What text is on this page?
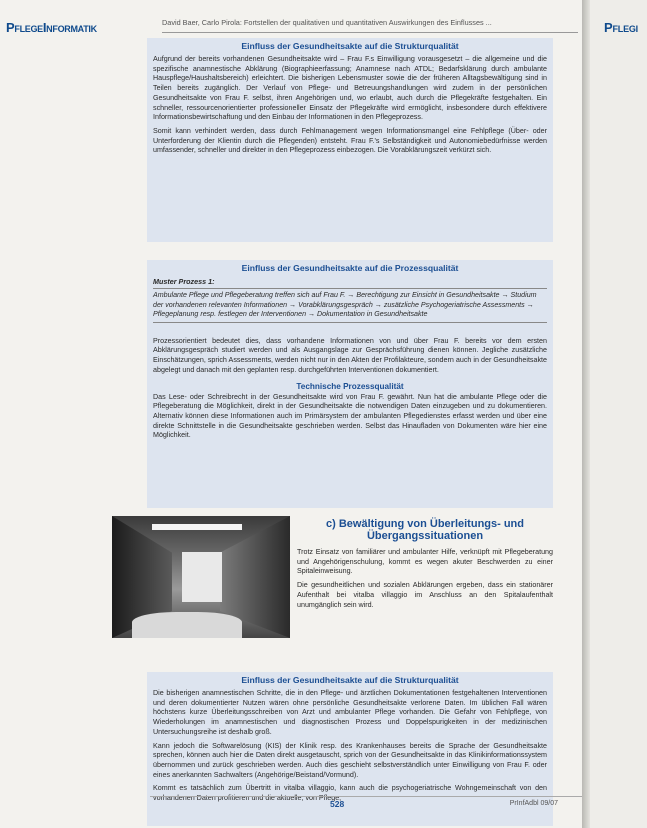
PflegeInformatik	David Baer, Carlo Pirola: Fortstellen der qualitativen und quantitativen Auswirkungen des Einflusses ...
Einfluss der Gesundheitsakte auf die Strukturqualität

Aufgrund der bereits vorhandenen Gesundheitsakte wird – Frau F.s Einwilligung vorausgesetzt – die allgemeine und die spezifische anamnestische Abklärung (Biographieerfassung; Anamnese nach ATDL; Bedarfsklärung durch ambulante Hauspflege/Haushaltsbereich) erleichtert. Die bisherigen Lebensmuster sowie die der früheren Alltagsbewältigung sind in Teilen bereits zugänglich. Der Verlauf von Pflege- und Betreuungshandlungen wird zudem in der persönlichen Gesundheitsakte von Frau F. selbst, ihren Angehörigen und, wo erlaubt, auch durch die Pflegekräfte festgehalten. Ein schneller, ressourcenorientierter professioneller Einsatz der Pflegekräfte wird ermöglicht, insbesondere durch effektivere Informationsbewirtschaftung und den Einbau der Informationen in den Pflegeprozess.

Somit kann verhindert werden, dass durch Fehlmanagement wegen Informationsmangel eine Fehlpflege (Über- oder Unterforderung der Klientin durch die Pflegenden) entsteht. Frau F.'s Selbständigkeit und Autonomiebedürfnisse werden umfassender, schneller und direkter in den Pflegeprozess einbezogen. Die Vorabklärungszeit verkürzt sich.

Einfluss der Gesundheitsakte auf die Prozessqualität
Muster Prozess 1:
Ambulante Pflege und Pflegeberatung treffen sich auf Frau F. → Berechtigung zur Einsicht in Gesundheitsakte → Studium der vorhandenen relevanten Informationen → Vorabklärungsgespräch → zusätzliche Psychogeriatrische Assessments → Pflegeplanung resp. festlegen der Interventionen → Dokumentation in Gesundheitsakte

Prozessorientiert bedeutet dies, dass vorhandene Informationen von und über Frau F. bereits vor dem ersten Abklärungsgespräch studiert werden und als Ausgangslage zur Gesprächsführung dienen können. Jegliche zusätzliche Einschätzungen, sprich Assessments, werden nicht nur in den Akten der Profilakteure, sondern auch in der Gesundheitsakte abgelegt und danach mit den geplanten resp. durchgeführten Interventionen dokumentiert.

Technische Prozessqualität

Das Lese- oder Schreibrecht in der Gesundheitsakte wird von Frau F. gewährt. Nun hat die ambulante Pflege oder die Pflegeberatung die Möglichkeit, direkt in der Gesundheitsakte die notwendigen Daten einzugeben und zu dokumentieren. Alternativ können diese Informationen auch im Primärsystem der ambulanten Pflegedienstes erfasst werden und über eine direkte Schnittstelle in die Gesundheitsakte geschrieben werden. Selbst das Hinaufladen von Dokumenten wäre hier eine Möglichkeit.

c) Bewältigung von Überleitungs- und Übergangssituationen

Trotz Einsatz von familiärer und ambulanter Hilfe, verknüpft mit Pflegeberatung und Angehörigenschulung, kommt es wegen akuter Beschwerden zu einer Spitaleinweisung.

Die gesundheitlichen und sozialen Abklärungen ergeben, dass ein stationärer Aufenthalt bei vitalba villaggio im Anschluss an den Spitalaufenthalt unumgänglich sein wird.

Einfluss der Gesundheitsakte auf die Strukturqualität

Die bisherigen anamnestischen Schritte, die in den Pflege- und ärztlichen Dokumentationen festgehaltenen Interventionen und deren dokumentierter Nutzen wären ohne persönliche Gesundheitsakte verlorene Daten. Im üblichen Fall wären höchstens kurze Überleitungsschreiben von Arzt und ambulanter Pflege vorhanden. Die Gefahr von Fehlpflege, von Wiederholungen im anamnestischen und diagnostischen Prozess und Doppelspurigkeiten in der medizinischen Untersuchungsreihe ist deshalb groß.

Kann jedoch die Softwarelösung (KIS) der Klinik resp. des Krankenhauses bereits die Sprache der Gesundheitsakte sprechen, können auch hier die Daten direkt ausgetauscht, sprich von der Gesundheitsakte in das Klinikinformationssystem übernommen und zurück geschrieben werden. Auch dies geschieht selbstverständlich unter Einwilligung von Frau F. oder eines anerkannten Sachwalters (Angehörige/Beistand/Vormund).

Kommt es tatsächlich zum Übertritt in vitalba villaggio, kann auch die psychogeriatrische Wohngemeinschaft von den vorhandenen Daten profitieren und die aktuelle, von Pflege,

528	PrInfAdbl 09/07
Pflegi
